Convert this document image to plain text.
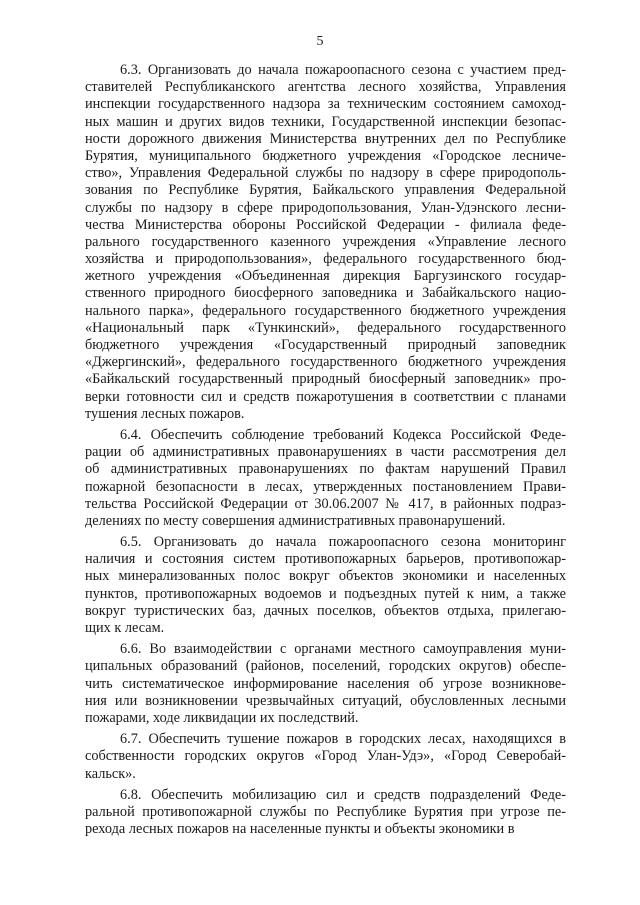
5
6.3. Организовать до начала пожароопасного сезона с участием пред-
ставителей Республиканского агентства лесного хозяйства, Управления
инспекции государственного надзора за техническим состоянием самоход-
ных машин и других видов техники, Государственной инспекции безопас-
ности дорожного движения Министерства внутренних дел по Республике
Бурятия, муниципального бюджетного учреждения «Городское лесниче-
ство», Управления Федеральной службы по надзору в сфере природополь-
зования по Республике Бурятия, Байкальского управления Федеральной
службы по надзору в сфере природопользования, Улан-Удэнского лесни-
чества Министерства обороны Российской Федерации - филиала феде-
рального государственного казенного учреждения «Управление лесного
хозяйства и природопользования», федерального государственного бюд-
жетного учреждения «Объединенная дирекция Баргузинского государ-
ственного природного биосферного заповедника и Забайкальского нацио-
нального парка», федерального государственного бюджетного учреждения
«Национальный парк «Тункинский», федерального государственного
бюджетного учреждения «Государственный природный заповедник
«Джергинский», федерального государственного бюджетного учреждения
«Байкальский государственный природный биосферный заповедник» про-
верки готовности сил и средств пожаротушения в соответствии с планами
тушения лесных пожаров.
6.4. Обеспечить соблюдение требований Кодекса Российской Феде-
рации об административных правонарушениях в части рассмотрения дел
об административных правонарушениях по фактам нарушений Правил
пожарной безопасности в лесах, утвержденных постановлением Прави-
тельства Российской Федерации от 30.06.2007 № 417, в районных подраз-
делениях по месту совершения административных правонарушений.
6.5. Организовать до начала пожароопасного сезона мониторинг
наличия и состояния систем противопожарных барьеров, противопожар-
ных минерализованных полос вокруг объектов экономики и населенных
пунктов, противопожарных водоемов и подъездных путей к ним, а также
вокруг туристических баз, дачных поселков, объектов отдыха, прилегаю-
щих к лесам.
6.6. Во взаимодействии с органами местного самоуправления муни-
ципальных образований (районов, поселений, городских округов) обеспе-
чить систематическое информирование населения об угрозе возникнове-
ния или возникновении чрезвычайных ситуаций, обусловленных лесными
пожарами, ходе ликвидации их последствий.
6.7. Обеспечить тушение пожаров в городских лесах, находящихся в
собственности городских округов «Город Улан-Удэ», «Город Северобай-
кальск».
6.8. Обеспечить мобилизацию сил и средств подразделений Феде-
ральной противопожарной службы по Республике Бурятия при угрозе пе-
рехода лесных пожаров на населенные пункты и объекты экономики в
